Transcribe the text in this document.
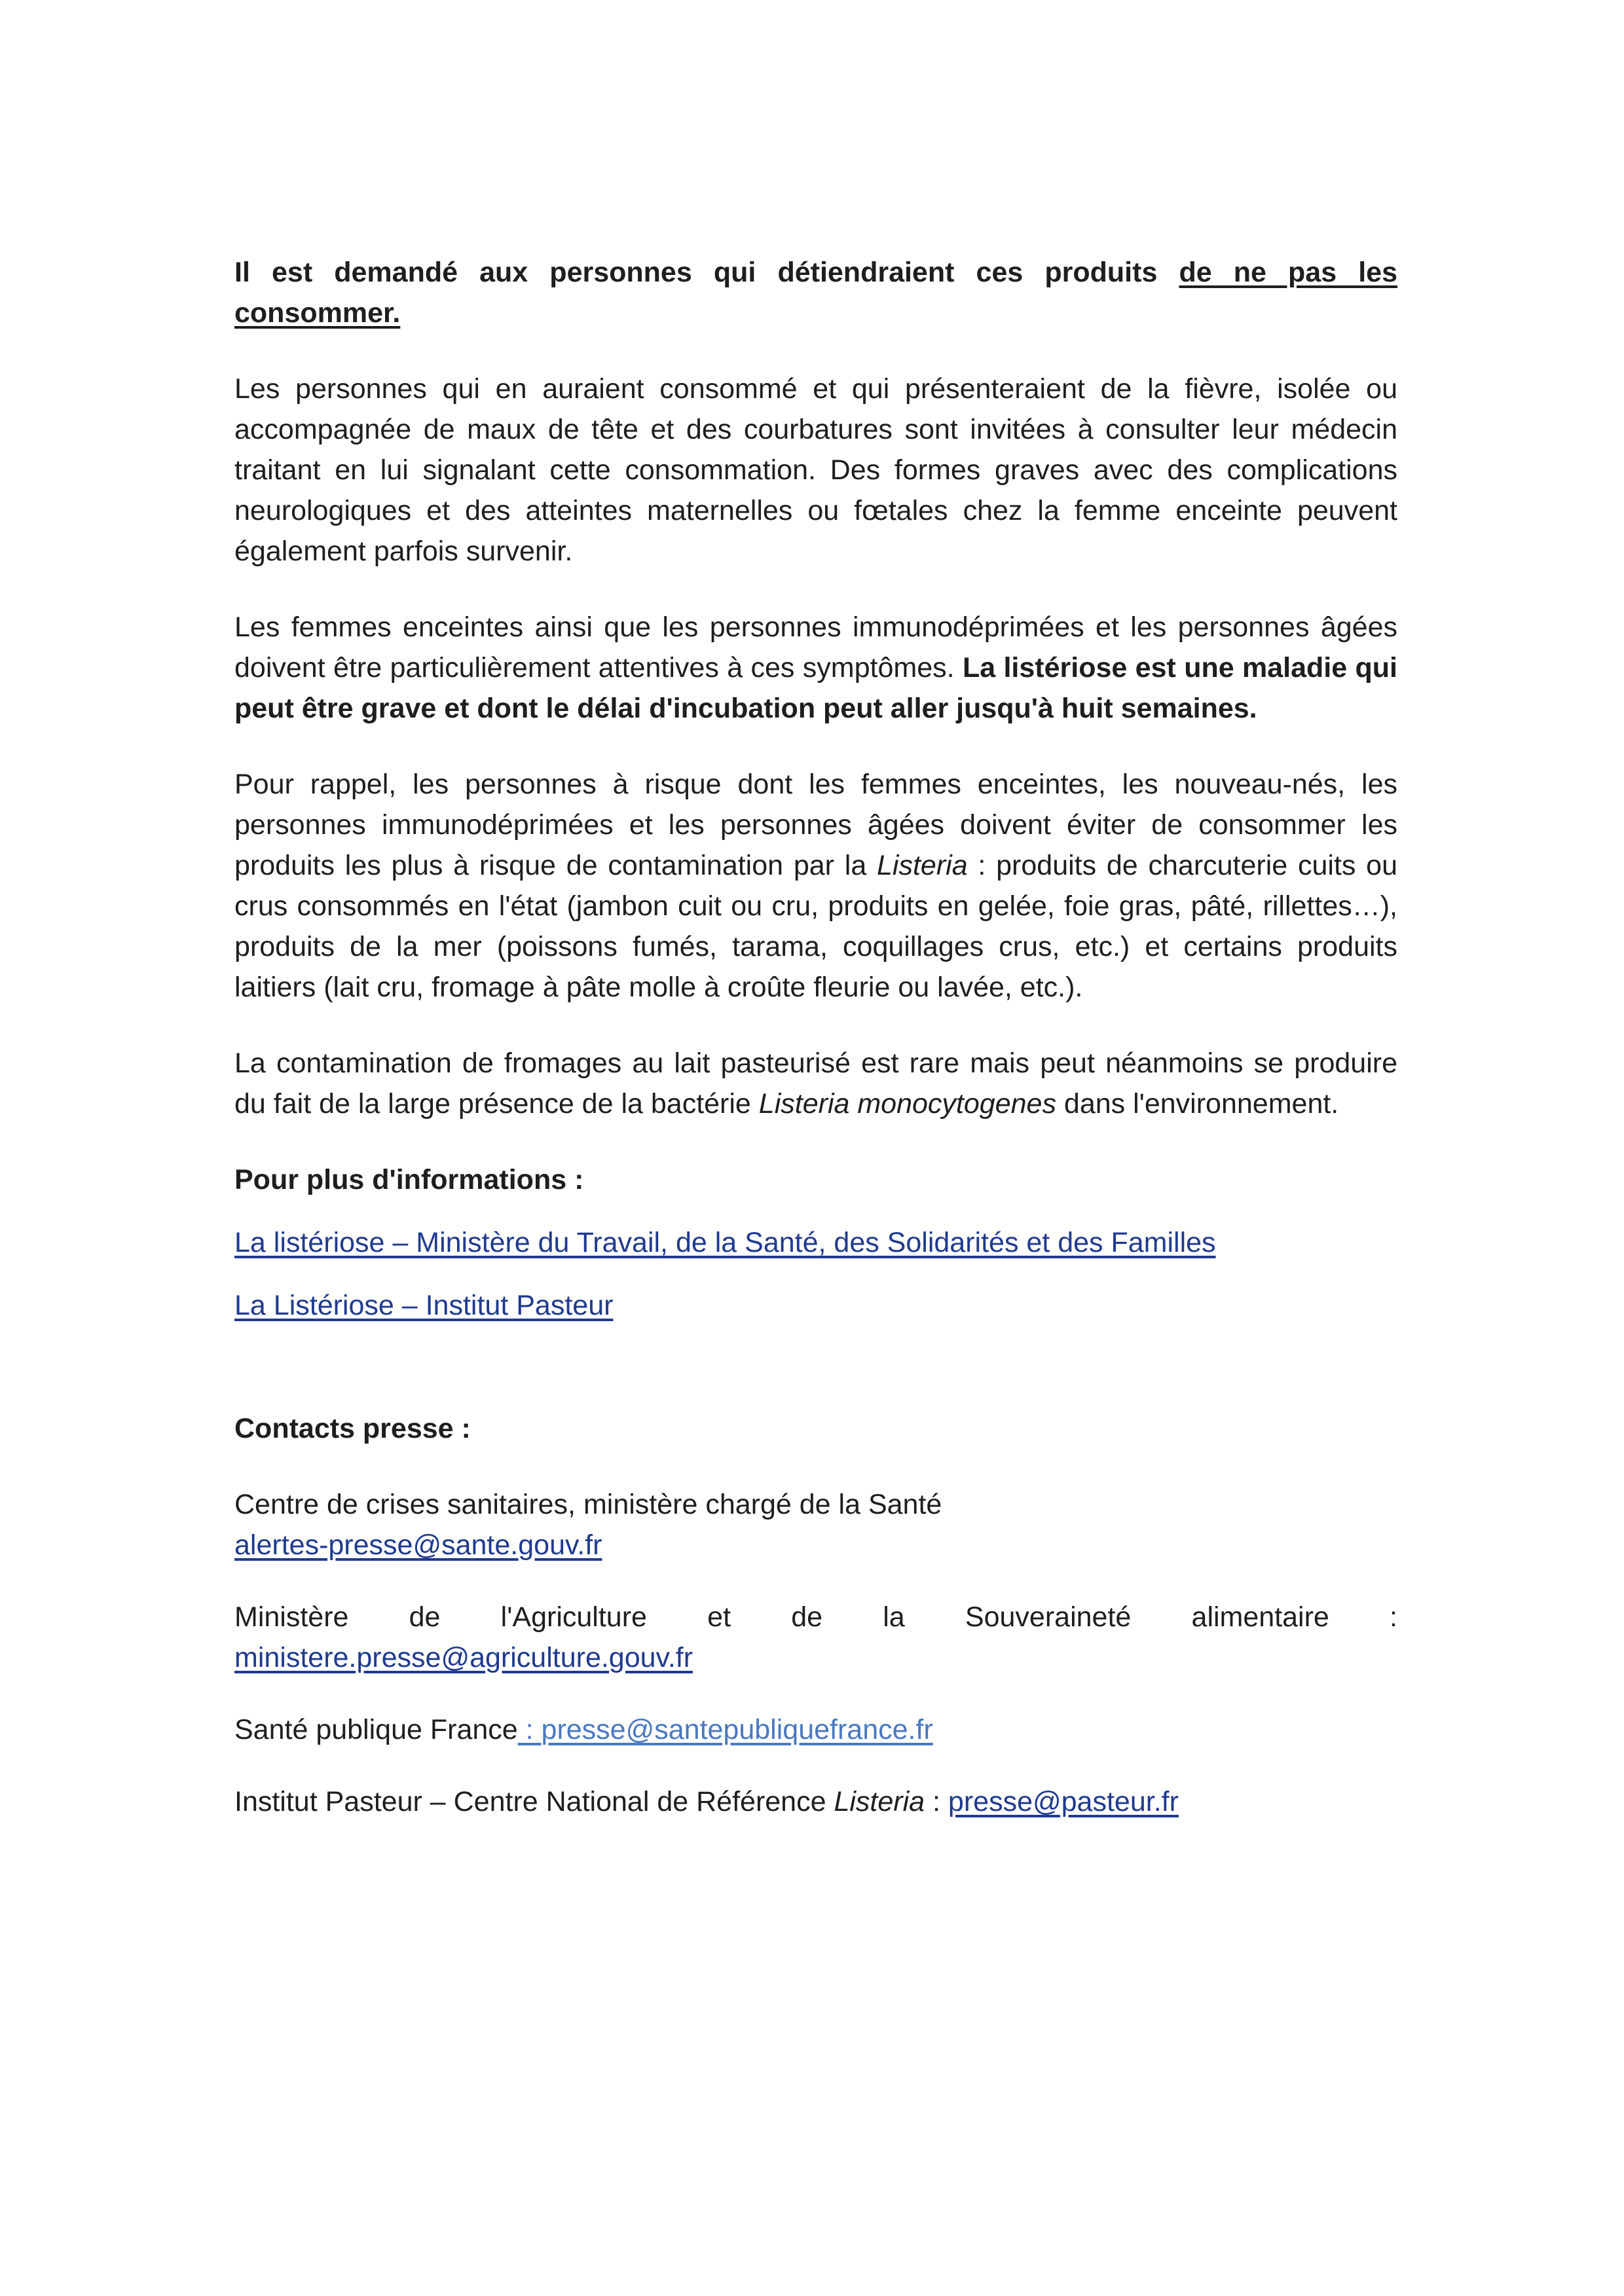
Il est demandé aux personnes qui détiendraient ces produits de ne pas les consommer.

Les personnes qui en auraient consommé et qui présenteraient de la fièvre, isolée ou accompagnée de maux de tête et des courbatures sont invitées à consulter leur médecin traitant en lui signalant cette consommation. Des formes graves avec des complications neurologiques et des atteintes maternelles ou fœtales chez la femme enceinte peuvent également parfois survenir.

Les femmes enceintes ainsi que les personnes immunodéprimées et les personnes âgées doivent être particulièrement attentives à ces symptômes. La listériose est une maladie qui peut être grave et dont le délai d'incubation peut aller jusqu'à huit semaines.

Pour rappel, les personnes à risque dont les femmes enceintes, les nouveau-nés, les personnes immunodéprimées et les personnes âgées doivent éviter de consommer les produits les plus à risque de contamination par la Listeria : produits de charcuterie cuits ou crus consommés en l'état (jambon cuit ou cru, produits en gelée, foie gras, pâté, rillettes…), produits de la mer (poissons fumés, tarama, coquillages crus, etc.) et certains produits laitiers (lait cru, fromage à pâte molle à croûte fleurie ou lavée, etc.).

La contamination de fromages au lait pasteurisé est rare mais peut néanmoins se produire du fait de la large présence de la bactérie Listeria monocytogenes dans l'environnement.

Pour plus d'informations :
La listériose – Ministère du Travail, de la Santé, des Solidarités et des Familles
La Listériose – Institut Pasteur
Contacts presse :

Centre de crises sanitaires, ministère chargé de la Santé

alertes-presse@sante.gouv.fr

Ministère de l'Agriculture et de la Souveraineté alimentaire :

ministere.presse@agriculture.gouv.fr

Santé publique France : presse@santepubliquefrance.fr

Institut Pasteur – Centre National de Référence Listeria : presse@pasteur.fr
